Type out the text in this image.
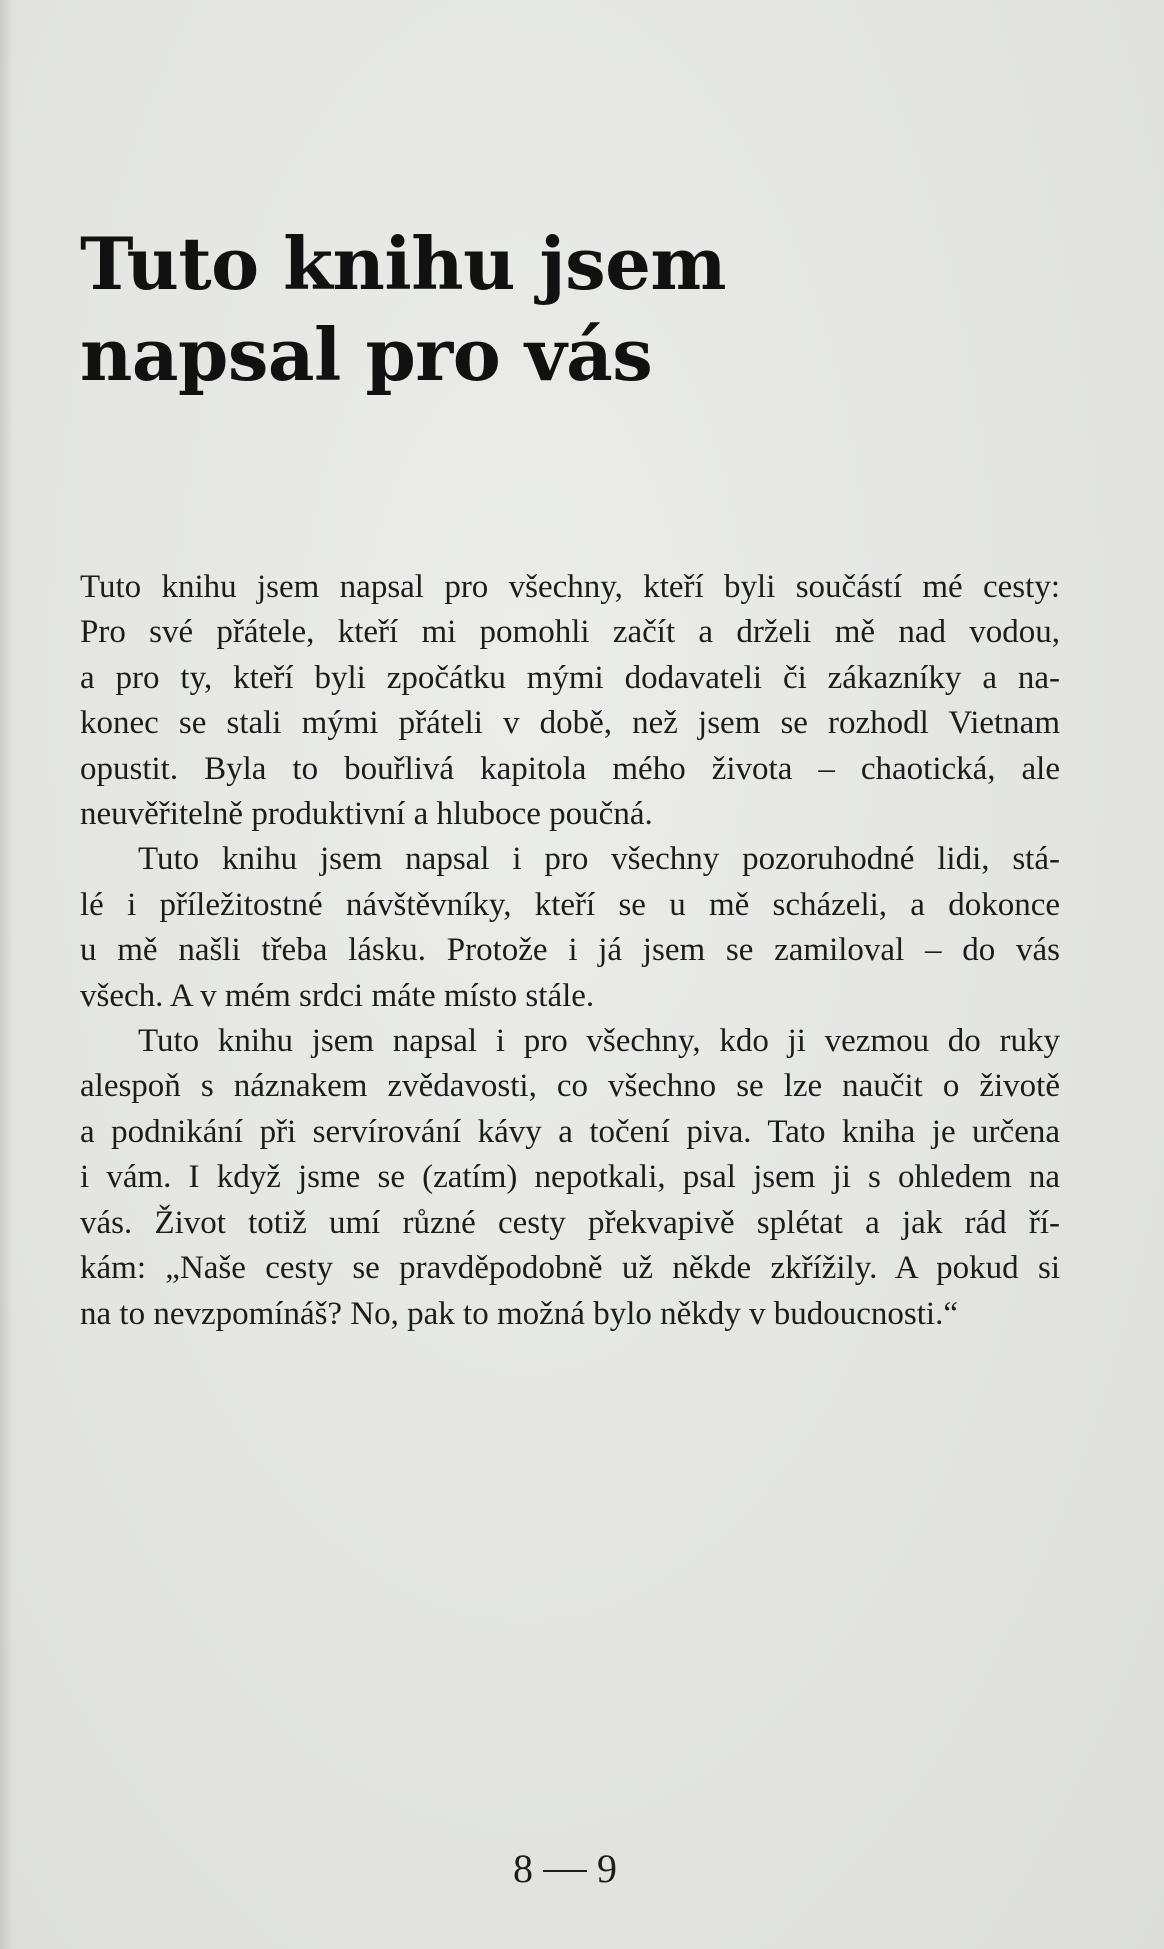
Tuto knihu jsem
napsal pro vás
Tuto knihu jsem napsal pro všechny, kteří byli součástí mé cesty:
Pro své přátele, kteří mi pomohli začít a drželi mě nad vodou,
a pro ty, kteří byli zpočátku mými dodavateli či zákazníky a na-
konec se stali mými přáteli v době, než jsem se rozhodl Vietnam
opustit. Byla to bouřlivá kapitola mého života – chaotická, ale
neuvěřitelně produktivní a hluboce poučná.
Tuto knihu jsem napsal i pro všechny pozoruhodné lidi, stá-
lé i příležitostné návštěvníky, kteří se u mě scházeli, a dokonce
u mě našli třeba lásku. Protože i já jsem se zamiloval – do vás
všech. A v mém srdci máte místo stále.
Tuto knihu jsem napsal i pro všechny, kdo ji vezmou do ruky
alespoň s náznakem zvědavosti, co všechno se lze naučit o životě
a podnikání při servírování kávy a točení piva. Tato kniha je určena
i vám. I když jsme se (zatím) nepotkali, psal jsem ji s ohledem na
vás. Život totiž umí různé cesty překvapivě splétat a jak rád ří-
kám: „Naše cesty se pravděpodobně už někde zkřížily. A pokud si
na to nevzpomínáš? No, pak to možná bylo někdy v budoucnosti.“
8 9
